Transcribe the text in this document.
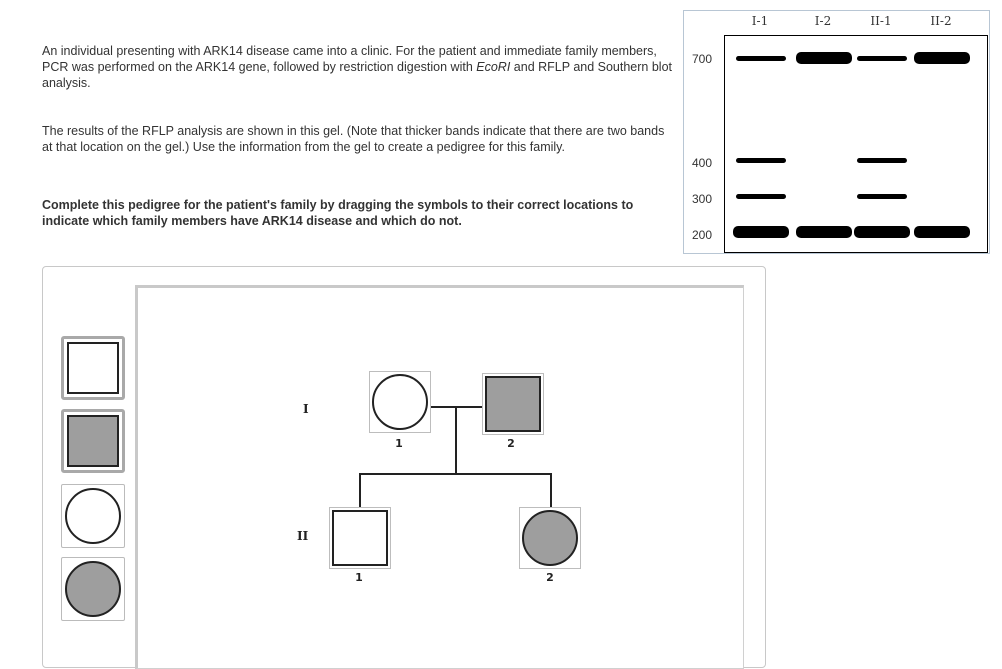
An individual presenting with ARK14 disease came into a clinic. For the patient and immediate family members, PCR was performed on the ARK14 gene, followed by restriction digestion with EcoRI and RFLP and Southern blot analysis.

The results of the RFLP analysis are shown in this gel. (Note that thicker bands indicate that there are two bands at that location on the gel.) Use the information from the gel to create a pedigree for this family.

Complete this pedigree for the patient's family by dragging the symbols to their correct locations to indicate which family members have ARK14 disease and which do not.

I-1	I-2	II-1	II-2
700
400
300
200
I
II
1	2
1	2
